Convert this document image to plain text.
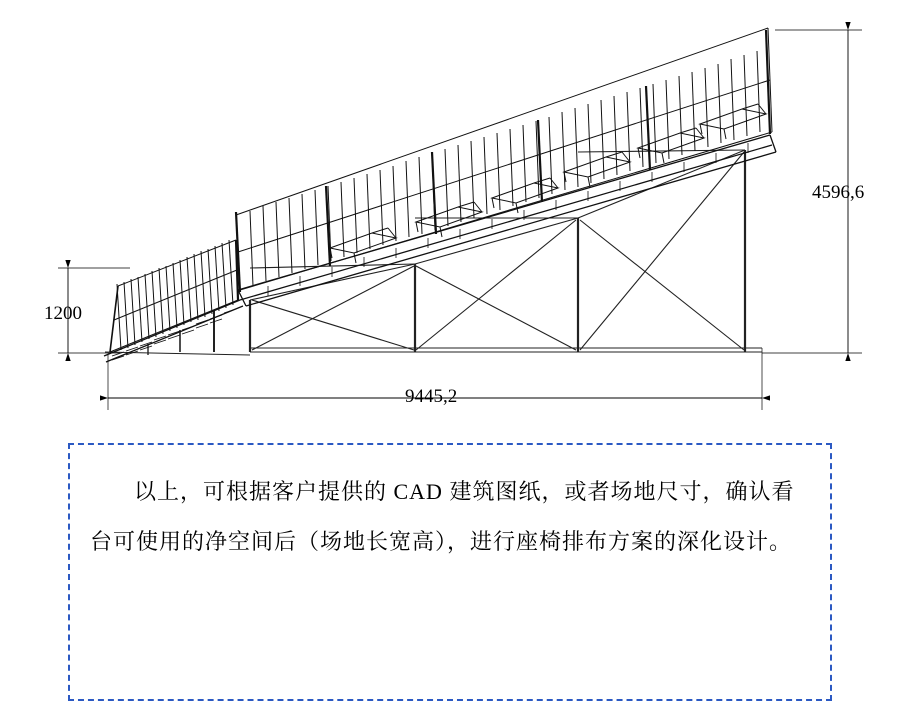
4596,6
1200
9445,2
以上，可根据客户提供的 CAD 建筑图纸，或者场地尺寸，确认看台可使用的净空间后（场地长宽高），进行座椅排布方案的深化设计。
